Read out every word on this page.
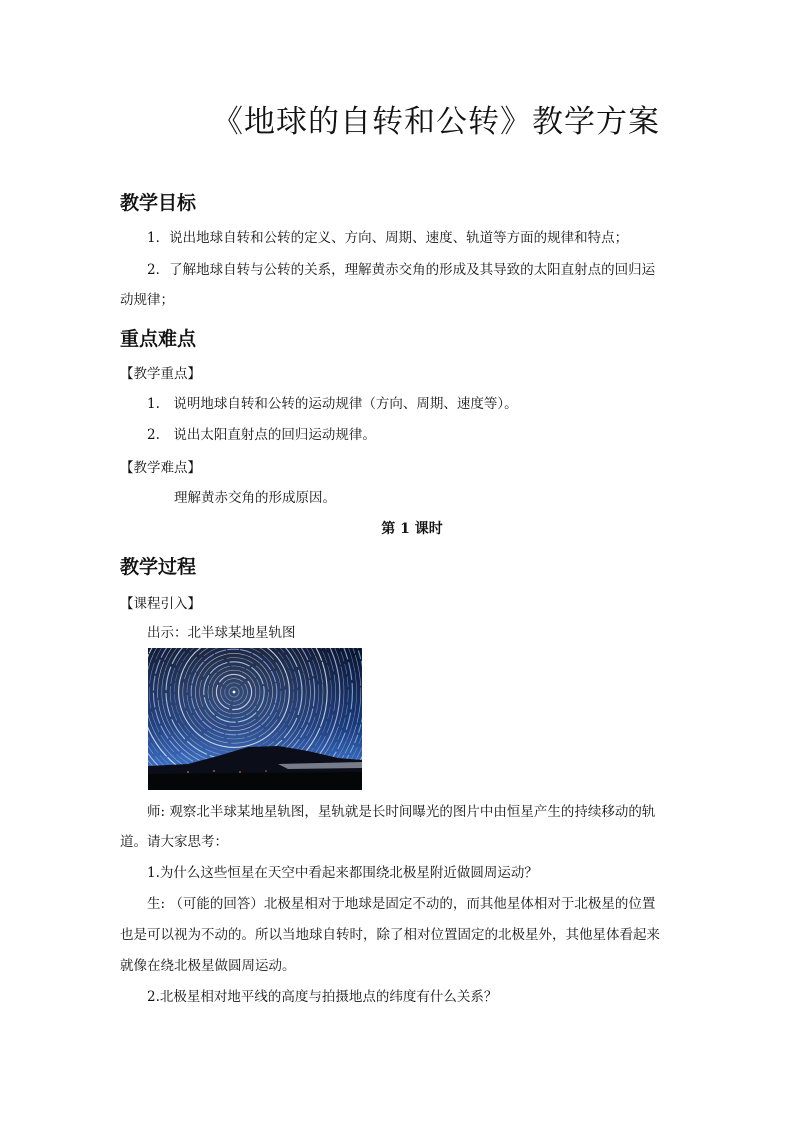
《地球的自转和公转》教学方案
教学目标
1．说出地球自转和公转的定义、方向、周期、速度、轨道等方面的规律和特点；
2．了解地球自转与公转的关系，理解黄赤交角的形成及其导致的太阳直射点的回归运
动规律；
重点难点
【教学重点】
1.　说明地球自转和公转的运动规律（方向、周期、速度等）。
2.　说出太阳直射点的回归运动规律。
【教学难点】
理解黄赤交角的形成原因。
第 1 课时
教学过程
【课程引入】
出示：北半球某地星轨图
师: 观察北半球某地星轨图，星轨就是长时间曝光的图片中由恒星产生的持续移动的轨
道。请大家思考：
1.为什么这些恒星在天空中看起来都围绕北极星附近做圆周运动？
生: （可能的回答）北极星相对于地球是固定不动的，而其他星体相对于北极星的位置
也是可以视为不动的。所以当地球自转时，除了相对位置固定的北极星外，其他星体看起来
就像在绕北极星做圆周运动。
2.北极星相对地平线的高度与拍摄地点的纬度有什么关系？
